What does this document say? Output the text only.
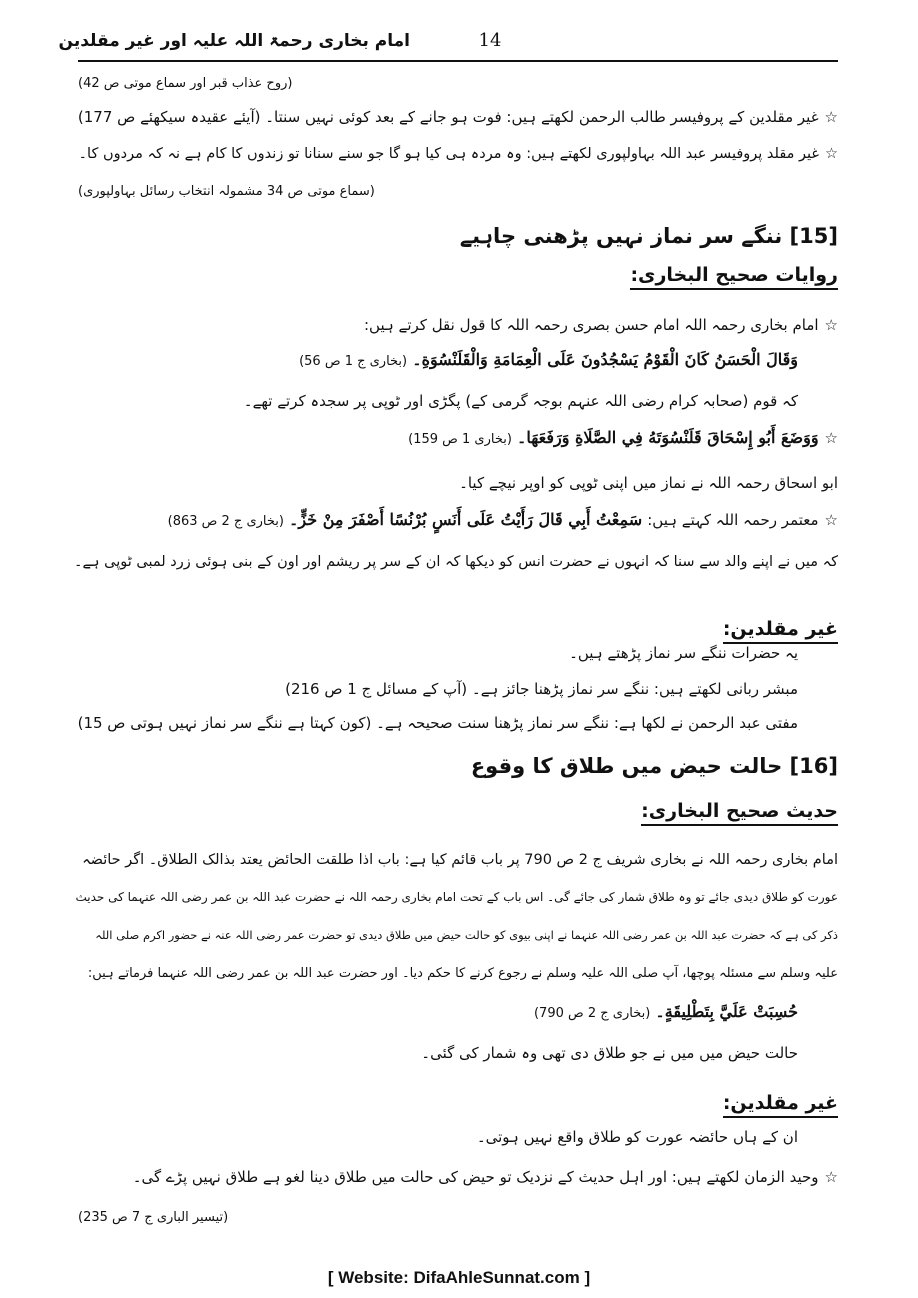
امام بخاری رحمۃ اللہ علیہ اور غیر مقلدین	14
(روح عذاب قبر اور سماع موتی ص 42)
☆غیر مقلدین کے پروفیسر طالب الرحمن لکھتے ہیں: فوت ہو جانے کے بعد کوئی نہیں سنتا۔ (آیئے عقیدہ سیکھئے ص 177)
☆غیر مقلد پروفیسر عبد اللہ بہاولپوری لکھتے ہیں: وہ مردہ ہی کیا ہو گا جو سنے سنانا تو زندوں کا کام ہے نہ کہ مردوں کا۔
(سماع موتی ص 34 مشمولہ انتخاب رسائل بہاولپوری)
[15] ننگے سر نماز نہیں پڑھنی چاہیے
روایات صحیح البخاری:
☆امام بخاری رحمہ اللہ امام حسن بصری رحمہ اللہ کا قول نقل کرتے ہیں:
وَقَالَ الْحَسَنُ كَانَ الْقَوْمُ يَسْجُدُونَ عَلَى الْعِمَامَةِ وَالْقَلَنْسُوَةِ۔ (بخاری ج 1 ص 56)
کہ قوم (صحابہ کرام رضی اللہ عنہم بوجہ گرمی کے) پگڑی اور ٹوپی پر سجدہ کرتے تھے۔
☆وَوَضَعَ أَبُو إِسْحَاقَ قَلَنْسُوَتَهُ فِي الصَّلَاةِ وَرَفَعَهَا۔ (بخاری 1 ص 159)
ابو اسحاق رحمہ اللہ نے نماز میں اپنی ٹوپی کو اوپر نیچے کیا۔
☆معتمر رحمہ اللہ کہتے ہیں: سَمِعْتُ أَبِي قَالَ رَأَيْتُ عَلَى أَنَسٍ بُرْنُسًا أَصْفَرَ مِنْ خَزٍّ۔ (بخاری ج 2 ص 863)
کہ میں نے اپنے والد سے سنا کہ انہوں نے حضرت انس کو دیکھا کہ ان کے سر پر ریشم اور اون کے بنی ہوئی زرد لمبی ٹوپی ہے۔
غیر مقلدین:
یہ حضرات ننگے سر نماز پڑھتے ہیں۔
مبشر ربانی لکھتے ہیں: ننگے سر نماز پڑھنا جائز ہے۔ (آپ کے مسائل ج 1 ص 216)
مفتی عبد الرحمن نے لکھا ہے: ننگے سر نماز پڑھنا سنت صحیحہ ہے۔ (کون کہتا ہے ننگے سر نماز نہیں ہوتی ص 15)
[16] حالت حیض میں طلاق کا وقوع
حدیث صحیح البخاری:
امام بخاری رحمہ اللہ نے بخاری شریف ج 2 ص 790 پر باب قائم کیا ہے: باب اذا طلقت الحائض یعتد بذالک الطلاق۔ اگر حائضہ
عورت کو طلاق دیدی جائے تو وہ طلاق شمار کی جائے گی۔ اس باب کے تحت امام بخاری رحمہ اللہ نے حضرت عبد اللہ بن عمر رضی اللہ عنہما کی حدیث
ذکر کی ہے کہ حضرت عبد اللہ بن عمر رضی اللہ عنہما نے اپنی بیوی کو حالت حیض میں طلاق دیدی تو حضرت عمر رضی اللہ عنہ نے حضور اکرم صلی اللہ
علیہ وسلم سے مسئلہ پوچھا، آپ صلی اللہ علیہ وسلم نے رجوع کرنے کا حکم دیا۔ اور حضرت عبد اللہ بن عمر رضی اللہ عنہما فرماتے ہیں:
حُسِبَتْ عَلَيَّ بِتَطْلِيقَةٍ۔ (بخاری ج 2 ص 790)
حالت حیض میں میں نے جو طلاق دی تھی وہ شمار کی گئی۔
غیر مقلدین:
ان کے ہاں حائضہ عورت کو طلاق واقع نہیں ہوتی۔
☆وحید الزمان لکھتے ہیں: اور اہل حدیث کے نزدیک تو حیض کی حالت میں طلاق دینا لغو ہے طلاق نہیں پڑے گی۔
(تیسیر الباری ج 7 ص 235)
[ Website: DifaAhleSunnat.com ]
